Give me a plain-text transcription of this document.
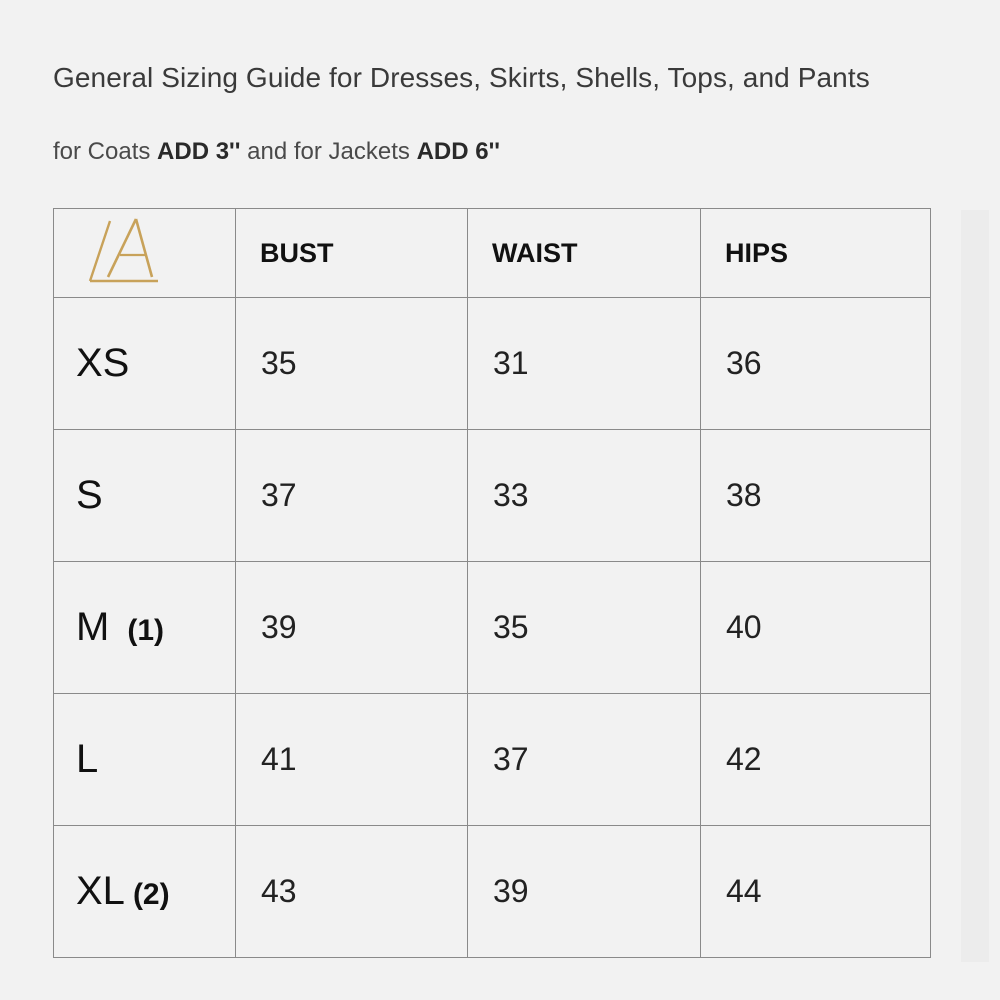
General Sizing Guide for Dresses, Skirts, Shells, Tops, and Pants
for Coats ADD 3'' and for Jackets ADD 6''
	BUST	WAIST	HIPS
XS	35	31	36
S	37	33	38
M (1)	39	35	40
L	41	37	42
XL (2)	43	39	44
